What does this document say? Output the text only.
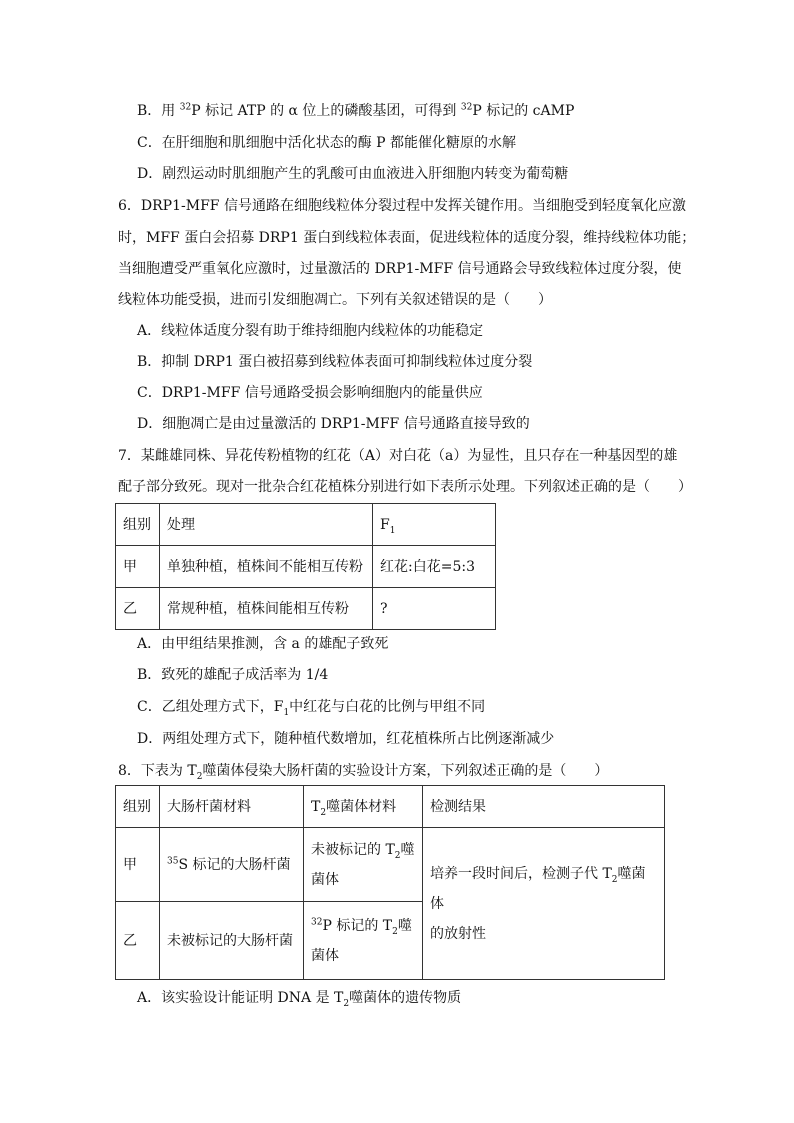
B．用 $^{32}$P 标记 ATP 的 α 位上的磷酸基团，可得到 $^{32}$P 标记的 cAMP
C．在肝细胞和肌细胞中活化状态的酶 P 都能催化糖原的水解
D．剧烈运动时肌细胞产生的乳酸可由血液进入肝细胞内转变为葡萄糖
6．DRP1-MFF 信号通路在细胞线粒体分裂过程中发挥关键作用。当细胞受到轻度氧化应激
时，MFF 蛋白会招募 DRP1 蛋白到线粒体表面，促进线粒体的适度分裂，维持线粒体功能；
当细胞遭受严重氧化应激时，过量激活的 DRP1-MFF 信号通路会导致线粒体过度分裂，使
线粒体功能受损，进而引发细胞凋亡。下列有关叙述错误的是（　　）
A．线粒体适度分裂有助于维持细胞内线粒体的功能稳定
B．抑制 DRP1 蛋白被招募到线粒体表面可抑制线粒体过度分裂
C．DRP1-MFF 信号通路受损会影响细胞内的能量供应
D．细胞凋亡是由过量激活的 DRP1-MFF 信号通路直接导致的
7．某雌雄同株、异花传粉植物的红花（A）对白花（a）为显性，且只存在一种基因型的雄
配子部分致死。现对一批杂合红花植株分别进行如下表所示处理。下列叙述正确的是（　　）
组别	处理	$F_1$
甲	单独种植，植株间不能相互传粉	红花:白花=5:3
乙	常规种植，植株间能相互传粉	?
A．由甲组结果推测，含 a 的雄配子致死
B．致死的雄配子成活率为 1/4
C．乙组处理方式下，$F_1$中红花与白花的比例与甲组不同
D．两组处理方式下，随种植代数增加，红花植株所占比例逐渐减少
8．下表为 $T_2$噬菌体侵染大肠杆菌的实验设计方案，下列叙述正确的是（　　）
组别	大肠杆菌材料	$T_2$噬菌体材料	检测结果
甲	$^{35}$S 标记的大肠杆菌	未被标记的 $T_2$噬
菌体	培养一段时间后，检测子代 $T_2$噬菌体
的放射性
乙	未被标记的大肠杆菌	$^{32}$P 标记的 $T_2$噬
菌体	
A．该实验设计能证明 DNA 是 $T_2$噬菌体的遗传物质
